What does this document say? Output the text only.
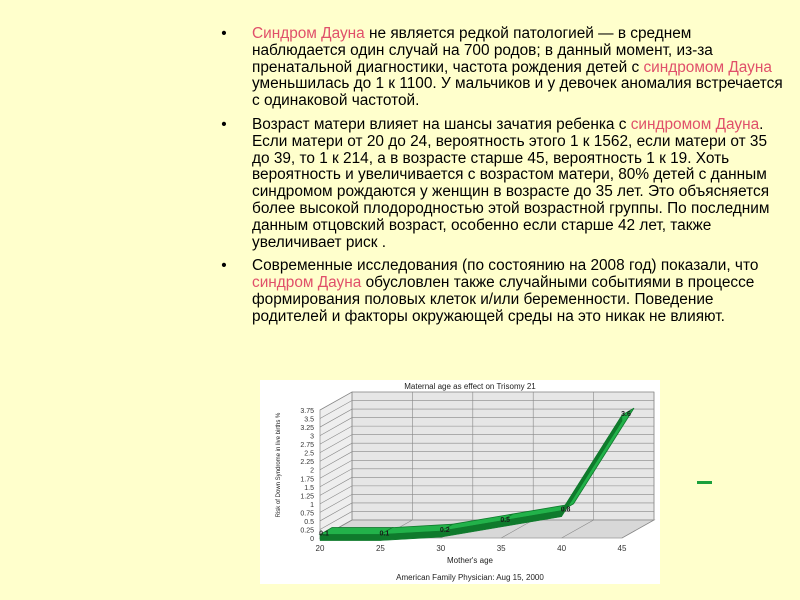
• Синдром Дауна не является редкой патологией — в среднем наблюдается один случай на 700 родов; в данный момент, из-за пренатальной диагностики, частота рождения детей с синдромом Дауна уменьшилась до 1 к 1100. У мальчиков и у девочек аномалия встречается с одинаковой частотой.
• Возраст матери влияет на шансы зачатия ребенка с синдромом Дауна. Если матери от 20 до 24, вероятность этого 1 к 1562, если матери от 35 до 39, то 1 к 214, а в возрасте старше 45, вероятность 1 к 19. Хоть вероятность и увеличивается с возрастом матери, 80% детей с данным синдромом рождаются у женщин в возрасте до 35 лет. Это объясняется более высокой плодородностью этой возрастной группы. По последним данным отцовский возраст, особенно если старше 42 лет, также увеличивает риск .
• Современные исследования (по состоянию на 2008 год) показали, что синдром Дауна обусловлен также случайными событиями в процессе формирования половых клеток и/или беременности. Поведение родителей и факторы окружающей среды на это никак не влияют.
0
0.25
0.5
0.75
1
1.25
1.5
1.75
2
2.25
2.5
2.75
3
3.25
3.5
3.75
20	25	30	35	40	45
0.1	0.1	0.2
0.5
0.8
3.6
Maternal age as effect on Trisomy 21
Mother's age
American Family Physician: Aug 15, 2000
Risk of Down Syndrome in live births %
